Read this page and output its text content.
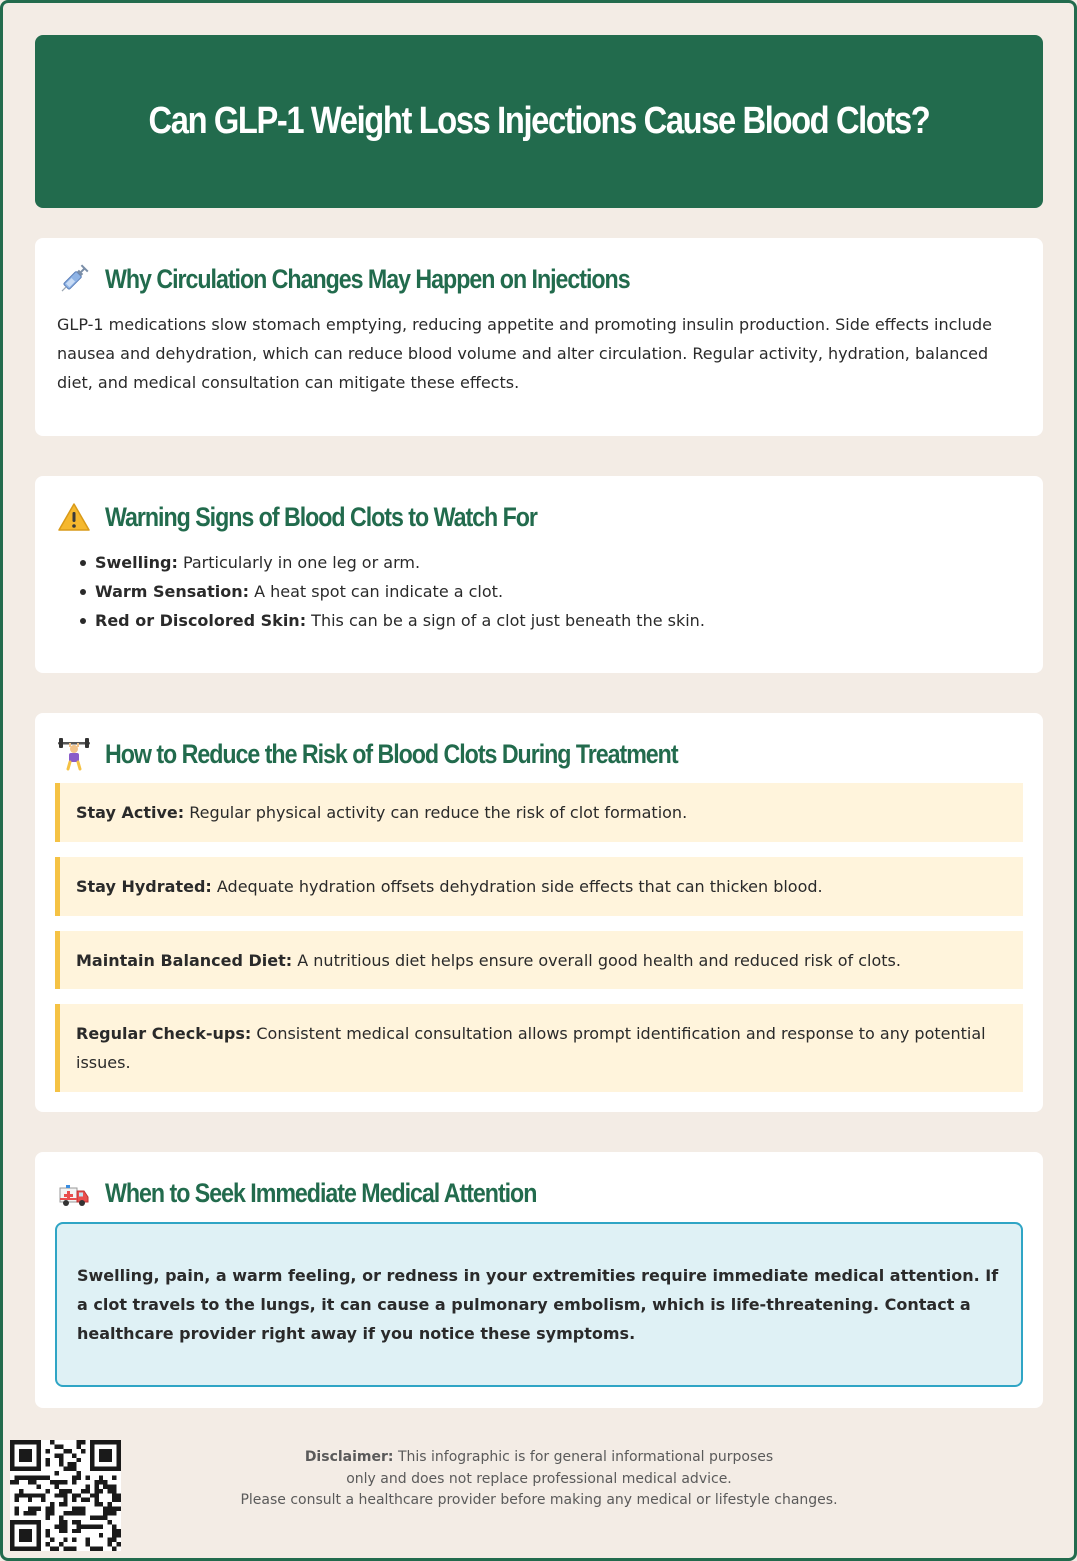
Can GLP-1 Weight Loss Injections Cause Blood Clots?
Why Circulation Changes May Happen on Injections

GLP-1 medications slow stomach emptying, reducing appetite and promoting insulin production. Side effects include nausea and dehydration, which can reduce blood volume and alter circulation. Regular activity, hydration, balanced diet, and medical consultation can mitigate these effects.

Warning Signs of Blood Clots to Watch For
Swelling: Particularly in one leg or arm.
Warm Sensation: A heat spot can indicate a clot.
Red or Discolored Skin: This can be a sign of a clot just beneath the skin.
How to Reduce the Risk of Blood Clots During Treatment
Stay Active: Regular physical activity can reduce the risk of clot formation.
Stay Hydrated: Adequate hydration offsets dehydration side effects that can thicken blood.
Maintain Balanced Diet: A nutritious diet helps ensure overall good health and reduced risk of clots.
Regular Check-ups: Consistent medical consultation allows prompt identification and response to any potential issues.
When to Seek Immediate Medical Attention
Swelling, pain, a warm feeling, or redness in your extremities require immediate medical attention. If a clot travels to the lungs, it can cause a pulmonary embolism, which is life-threatening. Contact a healthcare provider right away if you notice these symptoms.
Disclaimer: This infographic is for general informational purposes
only and does not replace professional medical advice.
Please consult a healthcare provider before making any medical or lifestyle changes.
